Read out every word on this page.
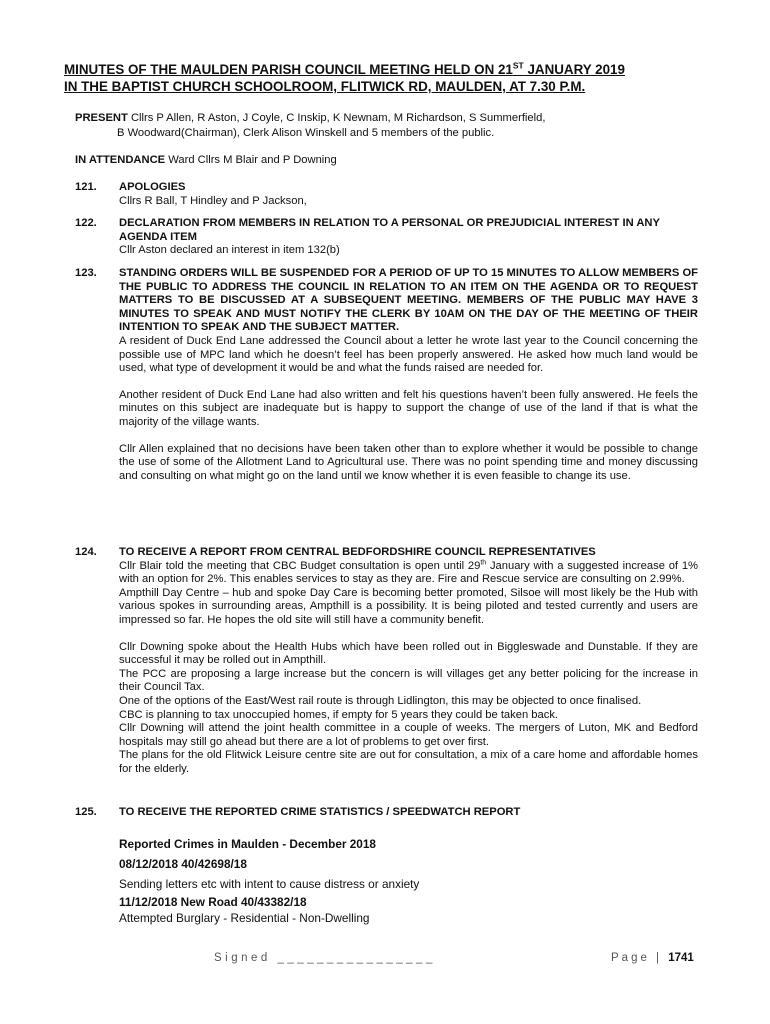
MINUTES OF THE MAULDEN PARISH COUNCIL MEETING HELD ON 21ST JANUARY 2019
IN THE BAPTIST CHURCH SCHOOLROOM, FLITWICK RD, MAULDEN, AT 7.30 P.M.
PRESENT Cllrs P Allen, R Aston, J Coyle, C Inskip, K Newnam, M Richardson, S Summerfield,
B Woodward(Chairman), Clerk Alison Winskell and 5 members of the public.
IN ATTENDANCE Ward Cllrs M Blair and P Downing
121. APOLOGIES

Cllrs R Ball, T Hindley and P Jackson,

122. DECLARATION FROM MEMBERS IN RELATION TO A PERSONAL OR PREJUDICIAL INTEREST IN ANY AGENDA ITEM

Cllr Aston declared an interest in item 132(b)

123. STANDING ORDERS WILL BE SUSPENDED FOR A PERIOD OF UP TO 15 MINUTES TO ALLOW MEMBERS OF THE PUBLIC TO ADDRESS THE COUNCIL IN RELATION TO AN ITEM ON THE AGENDA OR TO REQUEST MATTERS TO BE DISCUSSED AT A SUBSEQUENT MEETING. MEMBERS OF THE PUBLIC MAY HAVE 3 MINUTES TO SPEAK AND MUST NOTIFY THE CLERK BY 10AM ON THE DAY OF THE MEETING OF THEIR INTENTION TO SPEAK AND THE SUBJECT MATTER.

A resident of Duck End Lane addressed the Council about a letter he wrote last year to the Council concerning the possible use of MPC land which he doesn’t feel has been properly answered. He asked how much land would be used, what type of development it would be and what the funds raised are needed for.

Another resident of Duck End Lane had also written and felt his questions haven’t been fully answered. He feels the minutes on this subject are inadequate but is happy to support the change of use of the land if that is what the majority of the village wants.

Cllr Allen explained that no decisions have been taken other than to explore whether it would be possible to change the use of some of the Allotment Land to Agricultural use. There was no point spending time and money discussing and consulting on what might go on the land until we know whether it is even feasible to change its use.

124. TO RECEIVE A REPORT FROM CENTRAL BEDFORDSHIRE COUNCIL REPRESENTATIVES

Cllr Blair told the meeting that CBC Budget consultation is open until 29th January with a suggested increase of 1% with an option for 2%. This enables services to stay as they are. Fire and Rescue service are consulting on 2.99%.

Ampthill Day Centre – hub and spoke Day Care is becoming better promoted, Silsoe will most likely be the Hub with various spokes in surrounding areas, Ampthill is a possibility. It is being piloted and tested currently and users are impressed so far. He hopes the old site will still have a community benefit.

Cllr Downing spoke about the Health Hubs which have been rolled out in Biggleswade and Dunstable. If they are successful it may be rolled out in Ampthill.

The PCC are proposing a large increase but the concern is will villages get any better policing for the increase in their Council Tax.

One of the options of the East/West rail route is through Lidlington, this may be objected to once finalised.

CBC is planning to tax unoccupied homes, if empty for 5 years they could be taken back.

Cllr Downing will attend the joint health committee in a couple of weeks. The mergers of Luton, MK and Bedford hospitals may still go ahead but there are a lot of problems to get over first.

The plans for the old Flitwick Leisure centre site are out for consultation, a mix of a care home and affordable homes for the elderly.

125. TO RECEIVE THE REPORTED CRIME STATISTICS / SPEEDWATCH REPORT
Reported Crimes in Maulden - December 2018
08/12/2018 40/42698/18
Sending letters etc with intent to cause distress or anxiety
11/12/2018 New Road 40/43382/18
Attempted Burglary - Residential - Non-Dwelling
Signed ________________	Page | 1741
